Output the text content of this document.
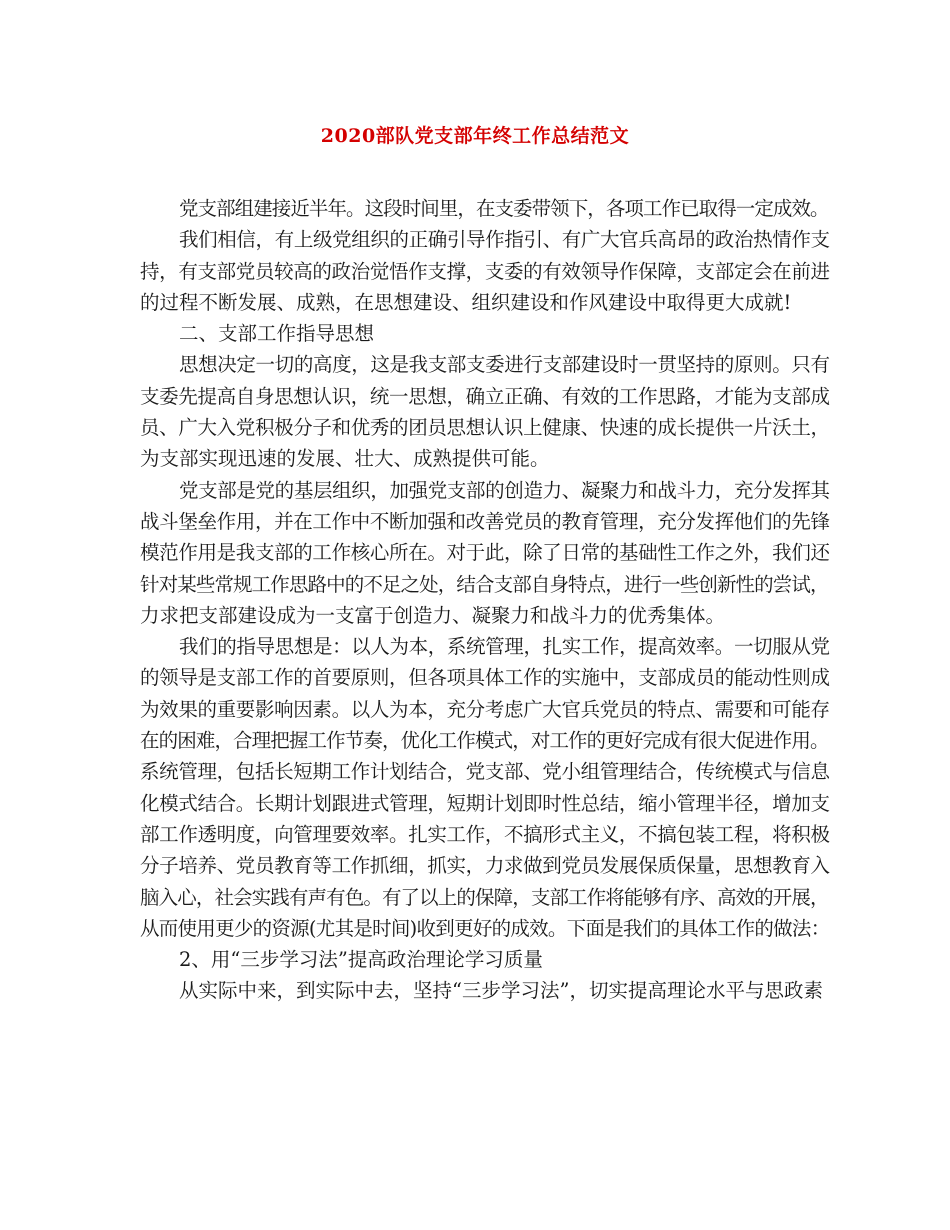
2020部队党支部年终工作总结范文
党支部组建接近半年。这段时间里，在支委带领下，各项工作已取得一定成效。
我们相信，有上级党组织的正确引导作指引、有广大官兵高昂的政治热情作支
持，有支部党员较高的政治觉悟作支撑，支委的有效领导作保障，支部定会在前进
的过程不断发展、成熟，在思想建设、组织建设和作风建设中取得更大成就!
二、支部工作指导思想
思想决定一切的高度，这是我支部支委进行支部建设时一贯坚持的原则。只有
支委先提高自身思想认识，统一思想，确立正确、有效的工作思路，才能为支部成
员、广大入党积极分子和优秀的团员思想认识上健康、快速的成长提供一片沃土，
为支部实现迅速的发展、壮大、成熟提供可能。
党支部是党的基层组织，加强党支部的创造力、凝聚力和战斗力，充分发挥其
战斗堡垒作用，并在工作中不断加强和改善党员的教育管理，充分发挥他们的先锋
模范作用是我支部的工作核心所在。对于此，除了日常的基础性工作之外，我们还
针对某些常规工作思路中的不足之处，结合支部自身特点，进行一些创新性的尝试，
力求把支部建设成为一支富于创造力、凝聚力和战斗力的优秀集体。
我们的指导思想是：以人为本，系统管理，扎实工作，提高效率。一切服从党
的领导是支部工作的首要原则，但各项具体工作的实施中，支部成员的能动性则成
为效果的重要影响因素。以人为本，充分考虑广大官兵党员的特点、需要和可能存
在的困难，合理把握工作节奏，优化工作模式，对工作的更好完成有很大促进作用。
系统管理，包括长短期工作计划结合，党支部、党小组管理结合，传统模式与信息
化模式结合。长期计划跟进式管理，短期计划即时性总结，缩小管理半径，增加支
部工作透明度，向管理要效率。扎实工作，不搞形式主义，不搞包装工程，将积极
分子培养、党员教育等工作抓细，抓实，力求做到党员发展保质保量，思想教育入
脑入心，社会实践有声有色。有了以上的保障，支部工作将能够有序、高效的开展，
从而使用更少的资源(尤其是时间)收到更好的成效。下面是我们的具体工作的做法：
2、用“三步学习法”提高政治理论学习质量
从实际中来，到实际中去，坚持“三步学习法”，切实提高理论水平与思政素
